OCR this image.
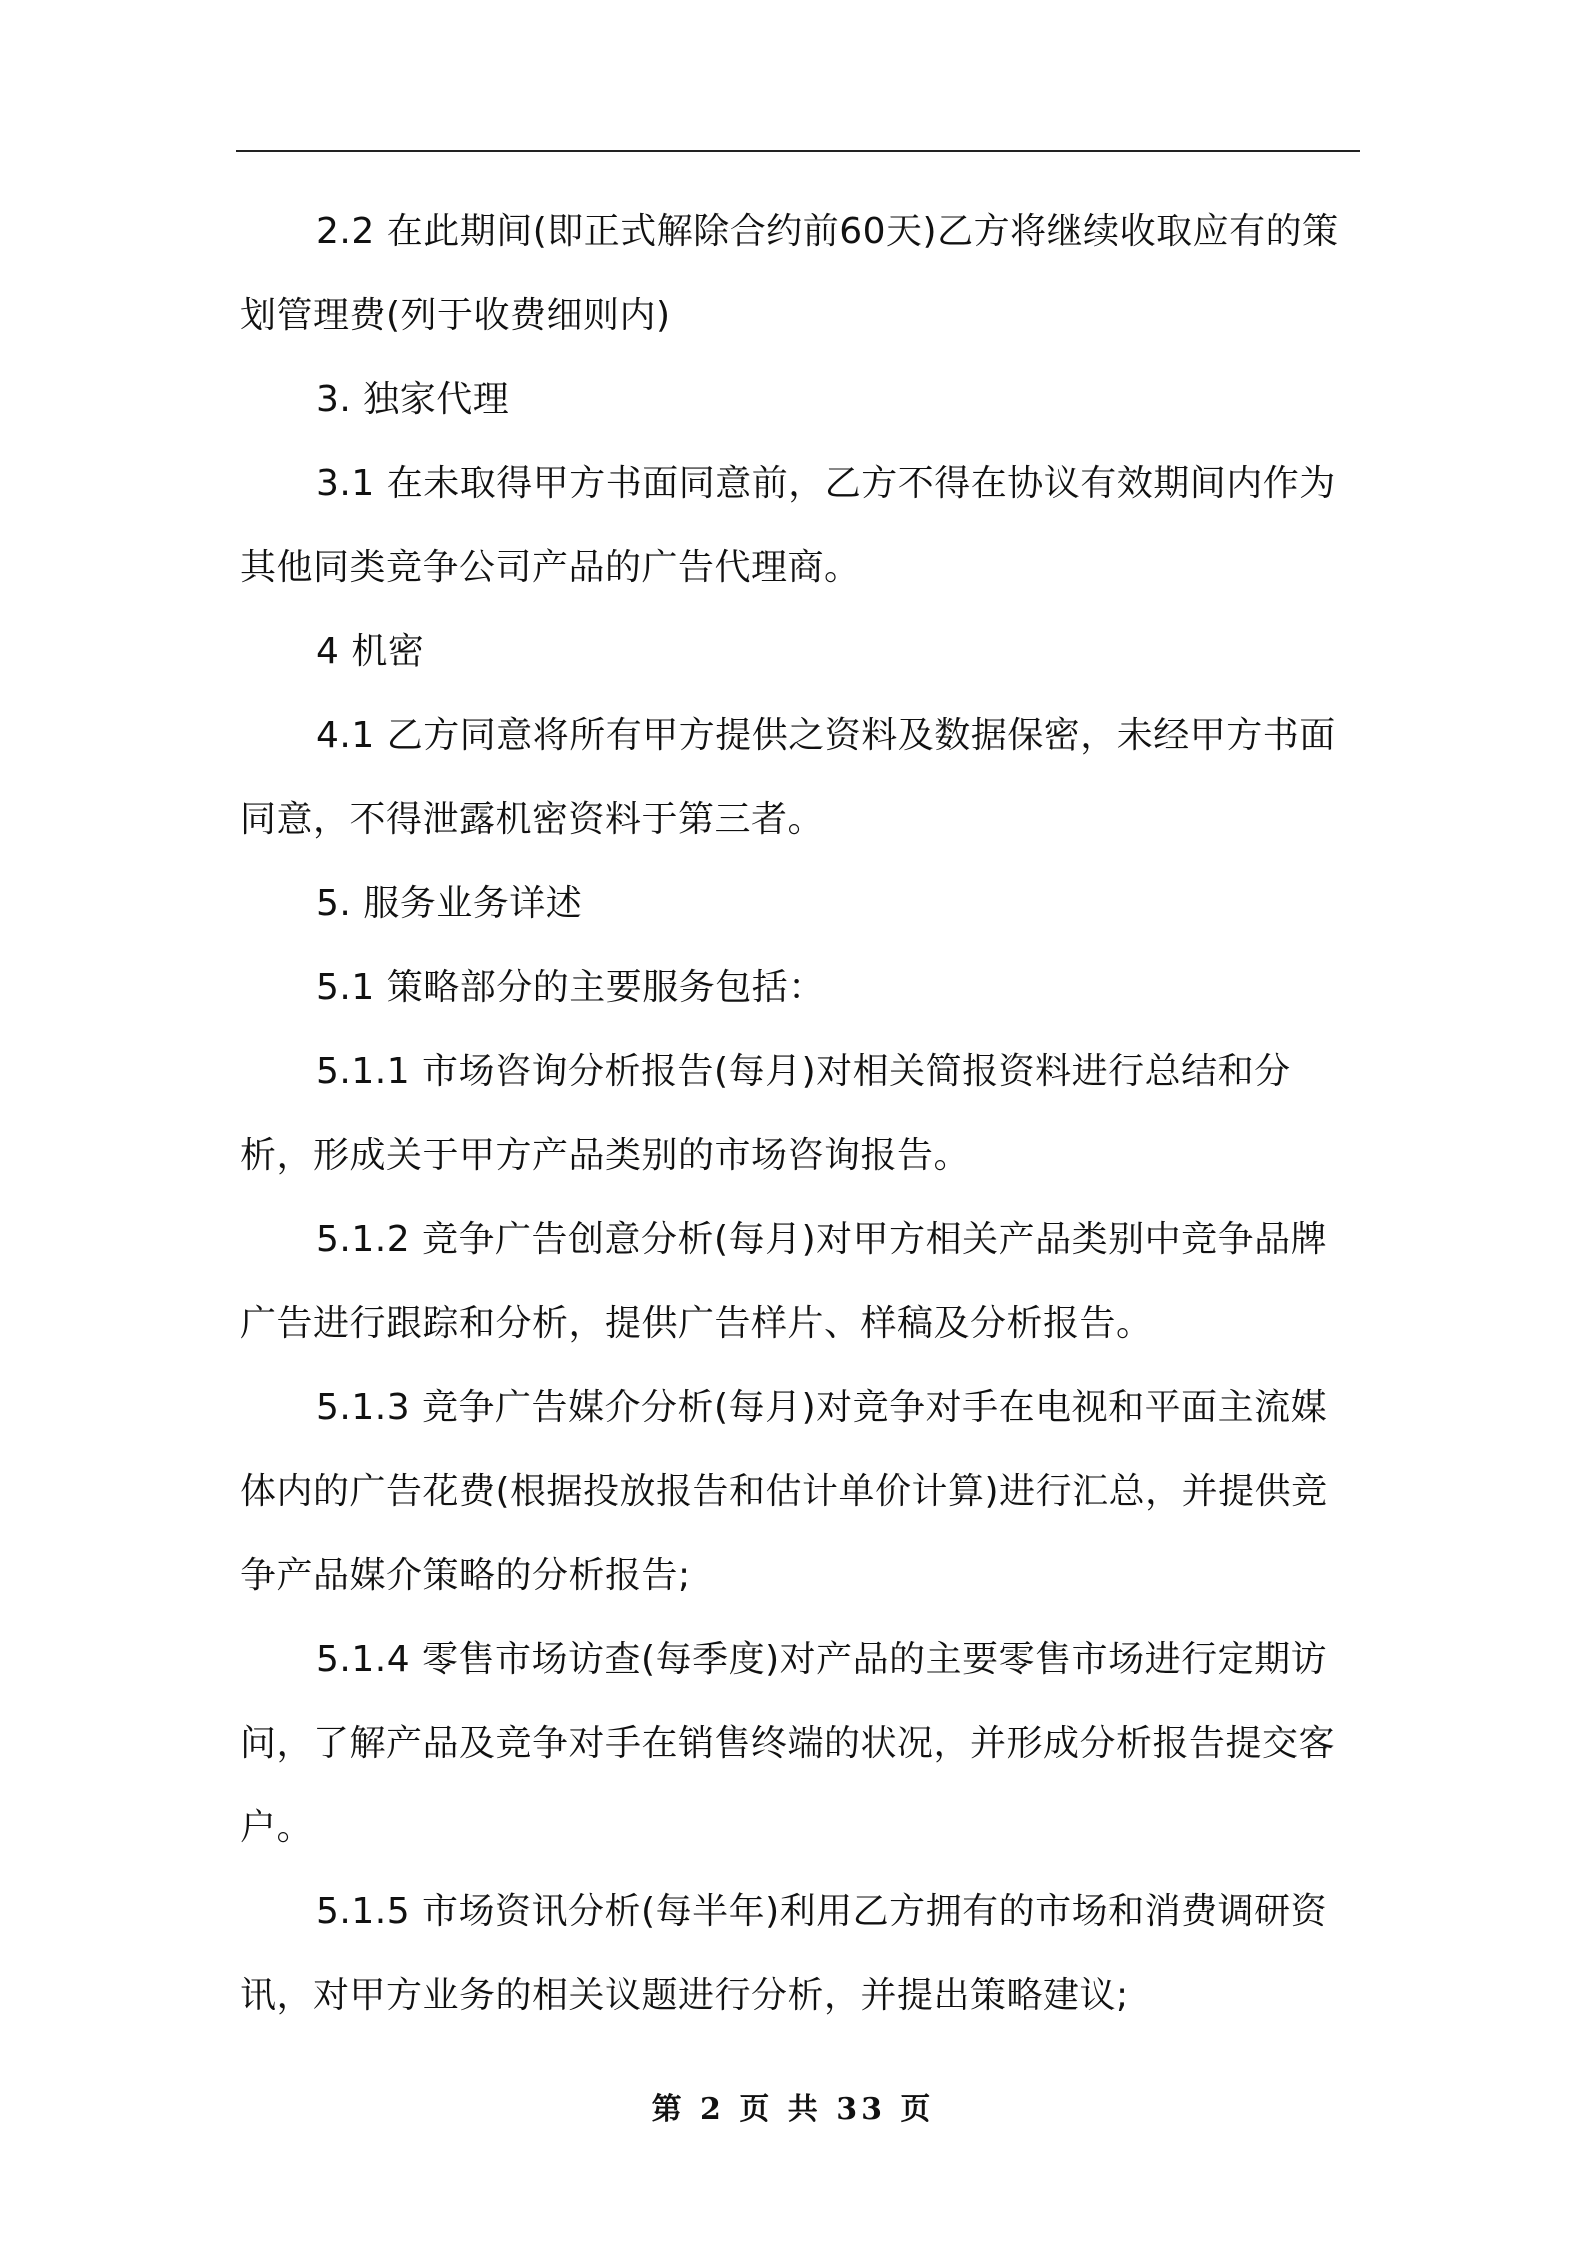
2.2 在此期间(即正式解除合约前60天)乙方将继续收取应有的策划管理费(列于收费细则内)

3. 独家代理

3.1 在未取得甲方书面同意前，乙方不得在协议有效期间内作为其他同类竞争公司产品的广告代理商。

4 机密

4.1 乙方同意将所有甲方提供之资料及数据保密，未经甲方书面同意，不得泄露机密资料于第三者。

5. 服务业务详述

5.1 策略部分的主要服务包括：

5.1.1 市场咨询分析报告(每月)对相关简报资料进行总结和分析，形成关于甲方产品类别的市场咨询报告。

5.1.2 竞争广告创意分析(每月)对甲方相关产品类别中竞争品牌广告进行跟踪和分析，提供广告样片、样稿及分析报告。

5.1.3 竞争广告媒介分析(每月)对竞争对手在电视和平面主流媒体内的广告花费(根据投放报告和估计单价计算)进行汇总，并提供竞争产品媒介策略的分析报告;

5.1.4 零售市场访查(每季度)对产品的主要零售市场进行定期访问，了解产品及竞争对手在销售终端的状况，并形成分析报告提交客户。

5.1.5 市场资讯分析(每半年)利用乙方拥有的市场和消费调研资讯，对甲方业务的相关议题进行分析，并提出策略建议;

第 2 页 共 33 页
